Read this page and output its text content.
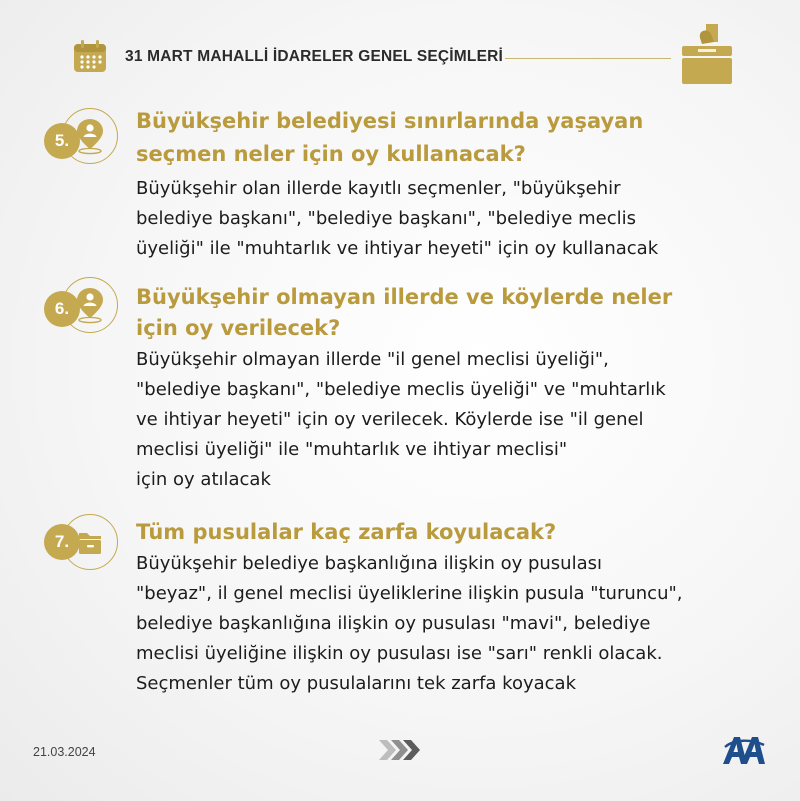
31 MART MAHALLİ İDARELER GENEL SEÇİMLERİ
5.

Büyükşehir belediyesi sınırlarında yaşayan

seçmen neler için oy kullanacak?

Büyükşehir olan illerde kayıtlı seçmenler, "büyükşehir

belediye başkanı", "belediye başkanı", "belediye meclis

üyeliği" ile "muhtarlık ve ihtiyar heyeti" için oy kullanacak

6.	Büyükşehir olmayan illerde ve köylerde neler

için oy verilecek?

Büyükşehir olmayan illerde "il genel meclisi üyeliği",

"belediye başkanı", "belediye meclis üyeliği" ve "muhtarlık

ve ihtiyar heyeti" için oy verilecek. Köylerde ise "il genel

meclisi üyeliği" ile "muhtarlık ve ihtiyar meclisi"

için oy atılacak

7.	Tüm pusulalar kaç zarfa koyulacak?

Büyükşehir belediye başkanlığına ilişkin oy pusulası

"beyaz", il genel meclisi üyeliklerine ilişkin pusula "turuncu",

belediye başkanlığına ilişkin oy pusulası "mavi", belediye

meclisi üyeliğine ilişkin oy pusulası ise "sarı" renkli olacak.

Seçmenler tüm oy pusulalarını tek zarfa koyacak

21.03.2024
